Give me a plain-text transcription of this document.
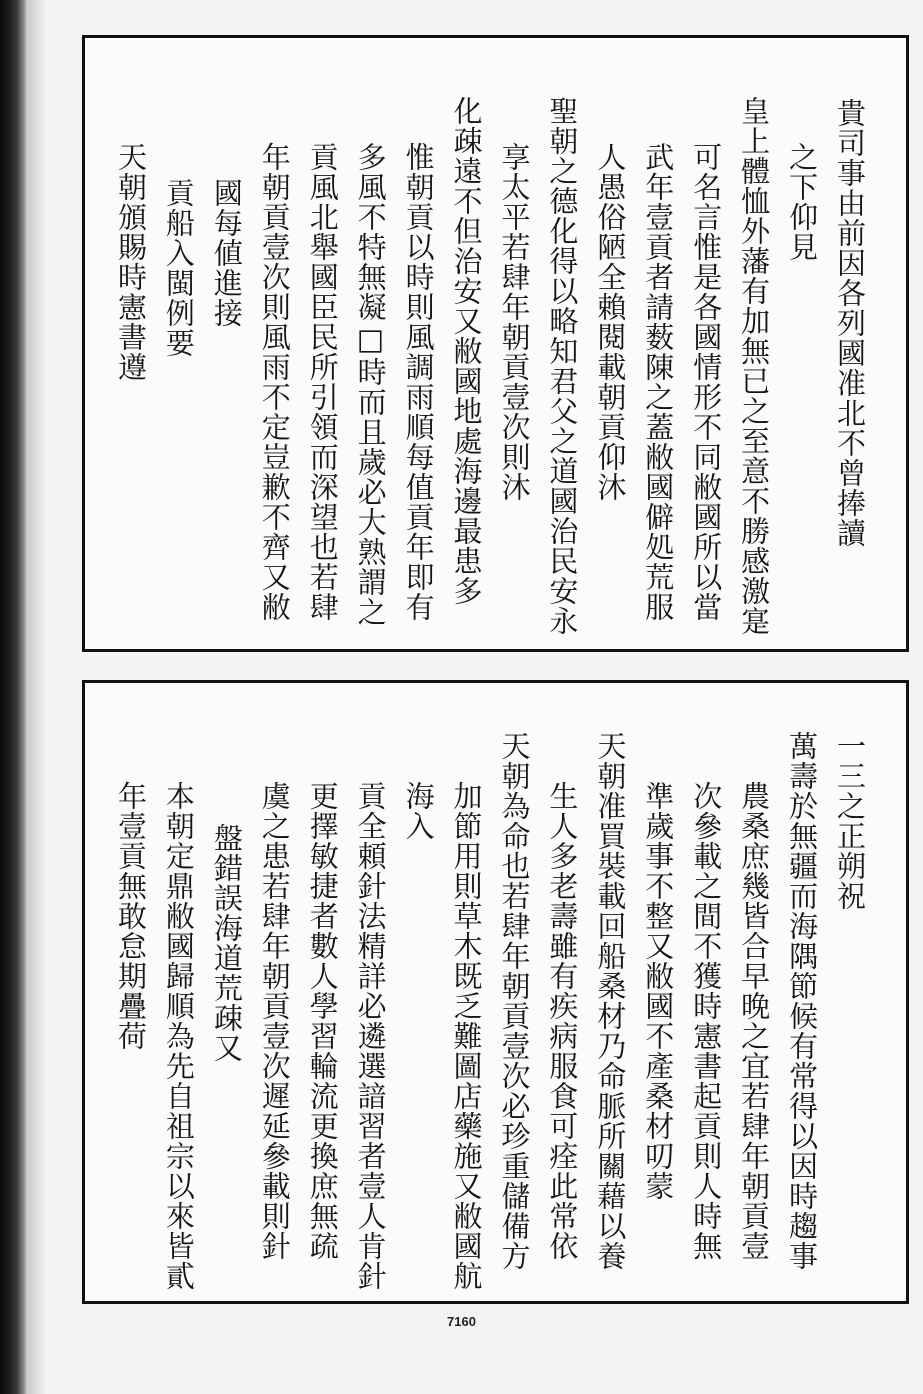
貴司事由前因各列國准北不曾捧讀
之下仰見
皇上體恤外藩有加無已之至意不勝感激寔
可名言惟是各國情形不同敝國所以當
武年壹貢者請薮陳之蓋敝國僻処荒服
人愚俗陋全賴閱載朝貢仰沐
聖朝之德化得以略知君父之道國治民安永
享太平若肆年朝貢壹次則沐
化疎遠不但治安又敝國地處海邊最患多
惟朝貢以時則風調雨順每值貢年即有
多風不特無凝□時而且歲必大熟謂之
貢風北舉國臣民所引領而深望也若肆
年朝貢壹次則風雨不定豈歉不齊又敝
國每値進接
貢船入閩例要
天朝頒賜時憲書遵
一三之正朔祝
萬壽於無疆而海隅節候有常得以因時趨事
農桑庶幾皆合早晚之宜若肆年朝貢壹
次參載之間不獲時憲書起貢則人時無
準歲事不整又敝國不產桑材叨蒙
天朝准買裝載回船桑材乃命脈所關藉以養
生人多老壽雖有疾病服食可痊此常依
天朝為命也若肆年朝貢壹次必珍重儲備方
加節用則草木既乏難圖店藥施又敝國航
海入
貢全頼針法精詳必遴選諳習者壹人肯針
更擇敏捷者數人學習輪流更換庶無疏
虞之患若肆年朝貢壹次遲延參載則針
盤錯誤海道荒疎又
本朝定鼎敝國歸順為先自祖宗以來皆貳
年壹貢無敢怠期疊荷
7160
